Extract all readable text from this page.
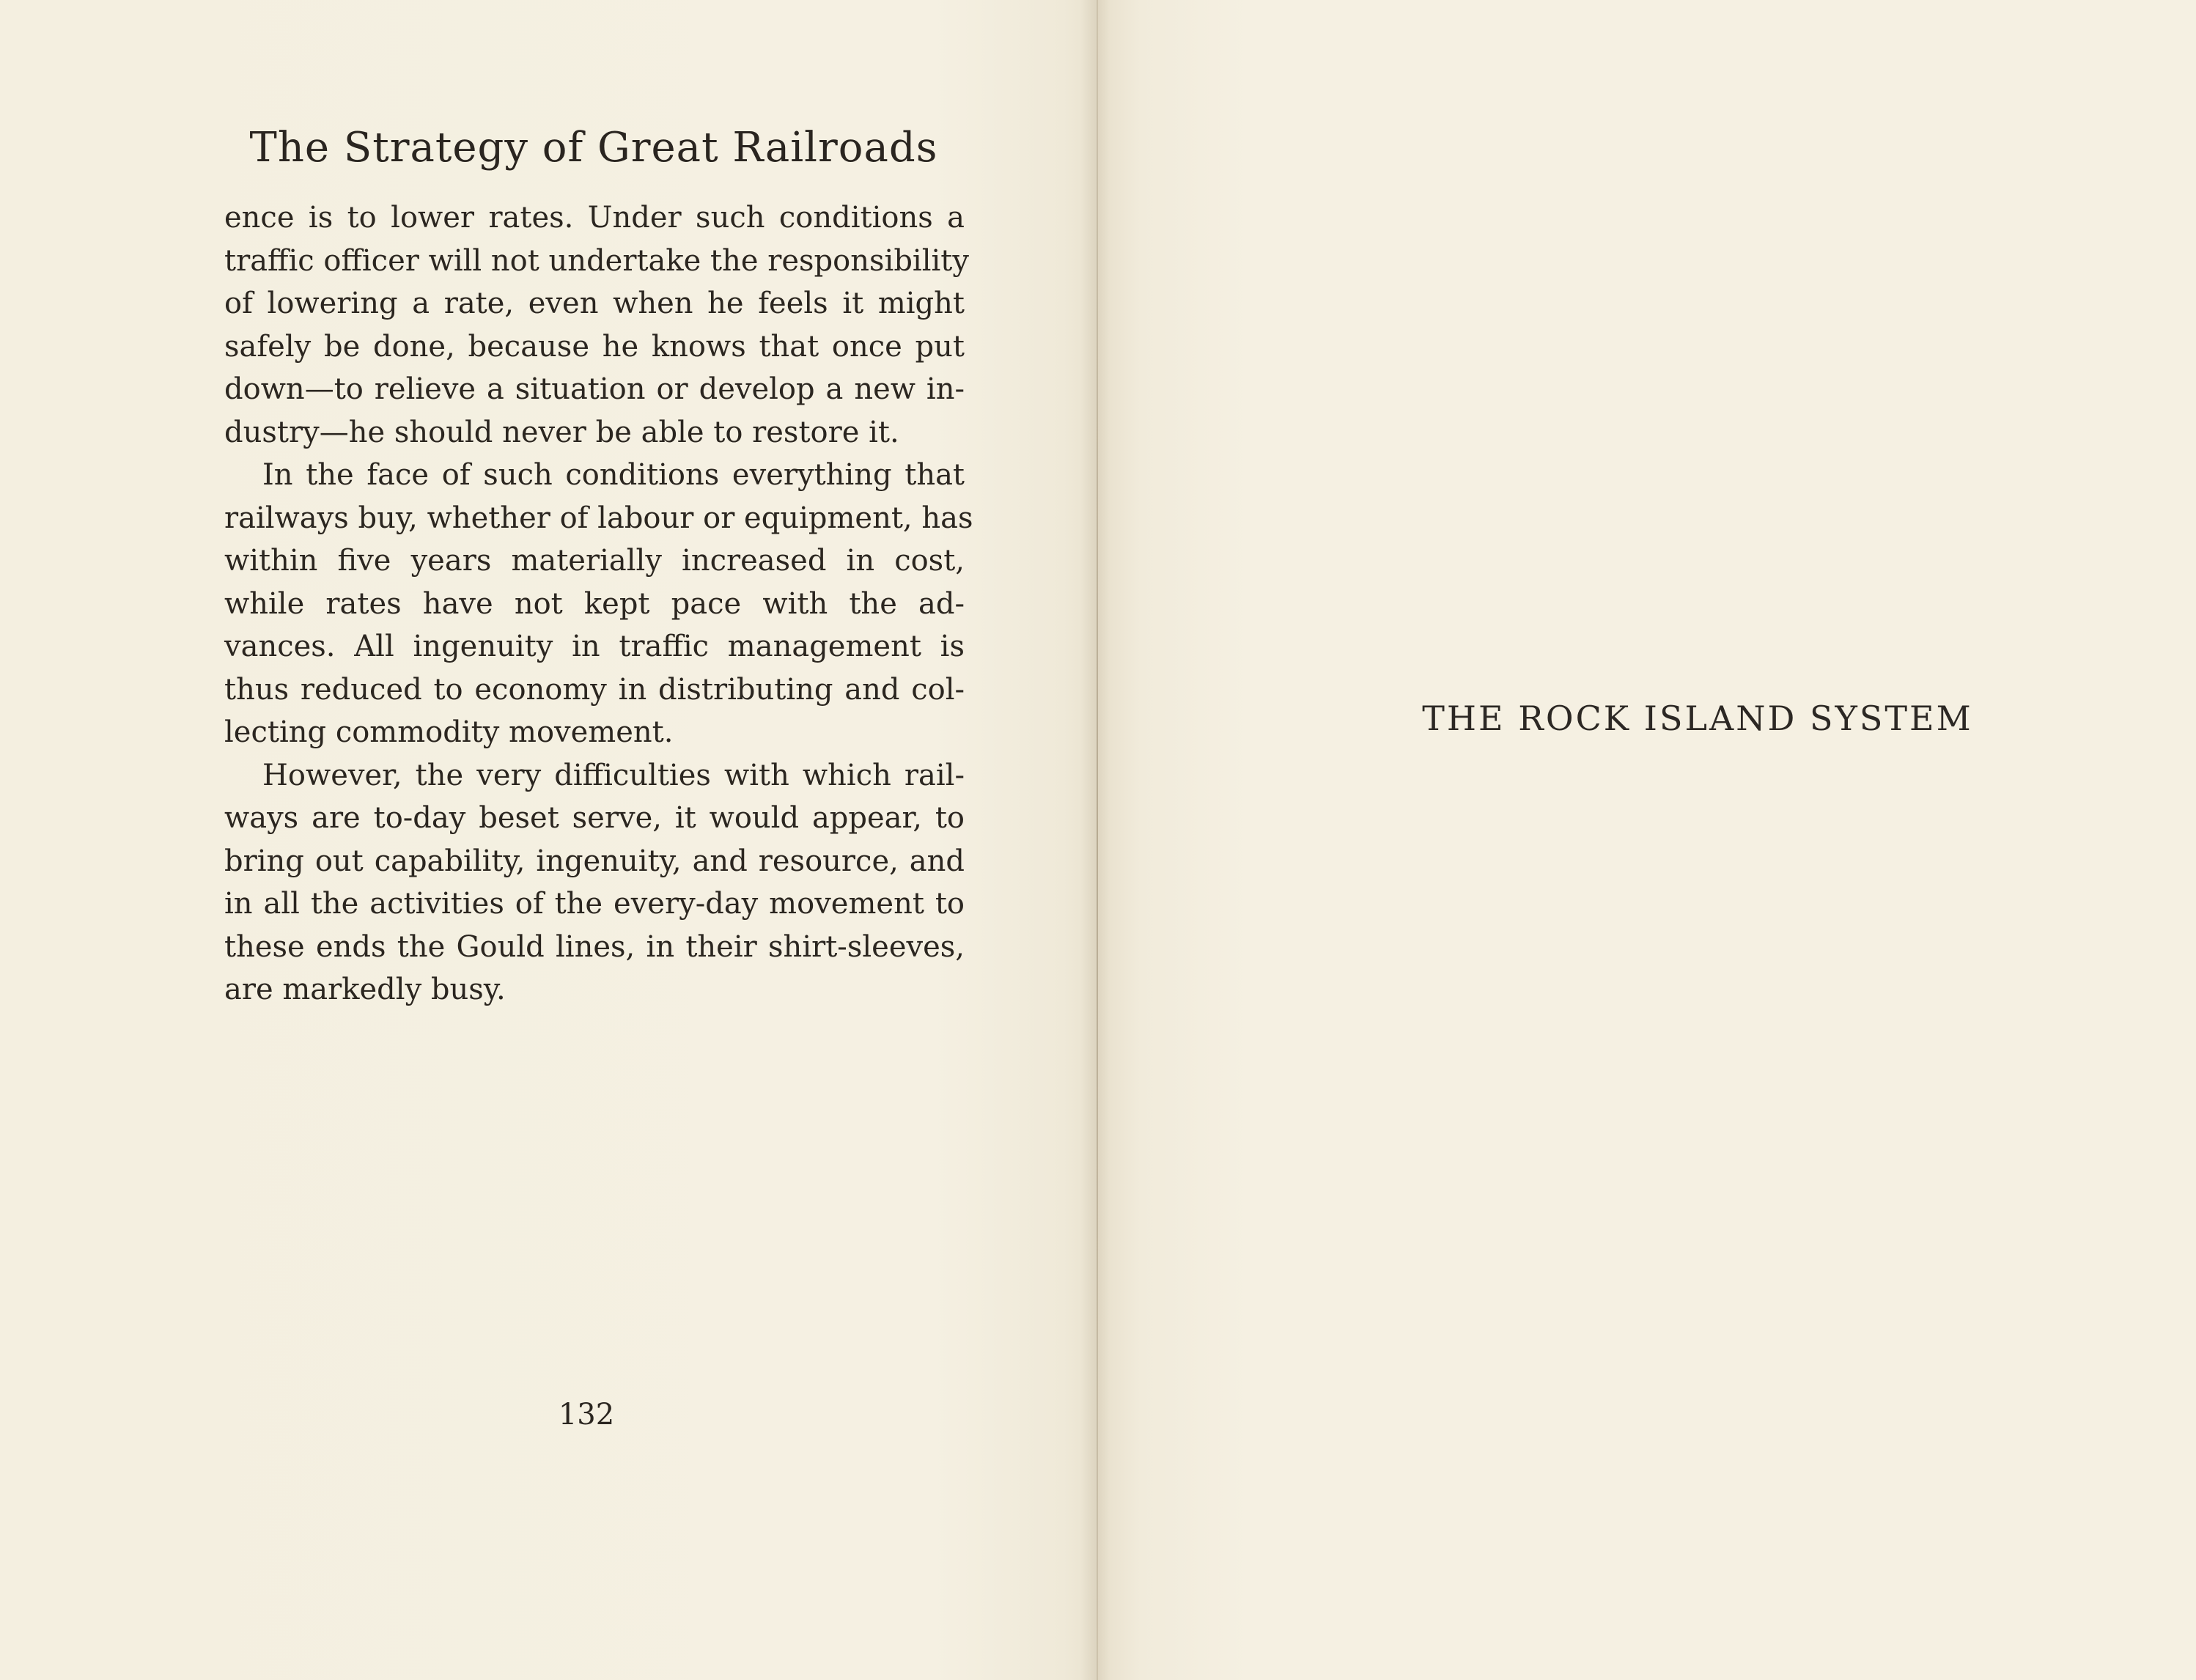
The Strategy of Great Railroads

ence is to lower rates. Under such conditions a
traffic officer will not undertake the responsibility
of lowering a rate, even when he feels it might
safely be done, because he knows that once put
down—to relieve a situation or develop a new in-
dustry—he should never be able to restore it.

In the face of such conditions everything that
railways buy, whether of labour or equipment, has
within five years materially increased in cost,
while rates have not kept pace with the ad-
vances. All ingenuity in traffic management is
thus reduced to economy in distributing and col-
lecting commodity movement.

However, the very difficulties with which rail-
ways are to-day beset serve, it would appear, to
bring out capability, ingenuity, and resource, and
in all the activities of the every-day movement to
these ends the Gould lines, in their shirt-sleeves,
are markedly busy.

132
THE ROCK ISLAND SYSTEM
